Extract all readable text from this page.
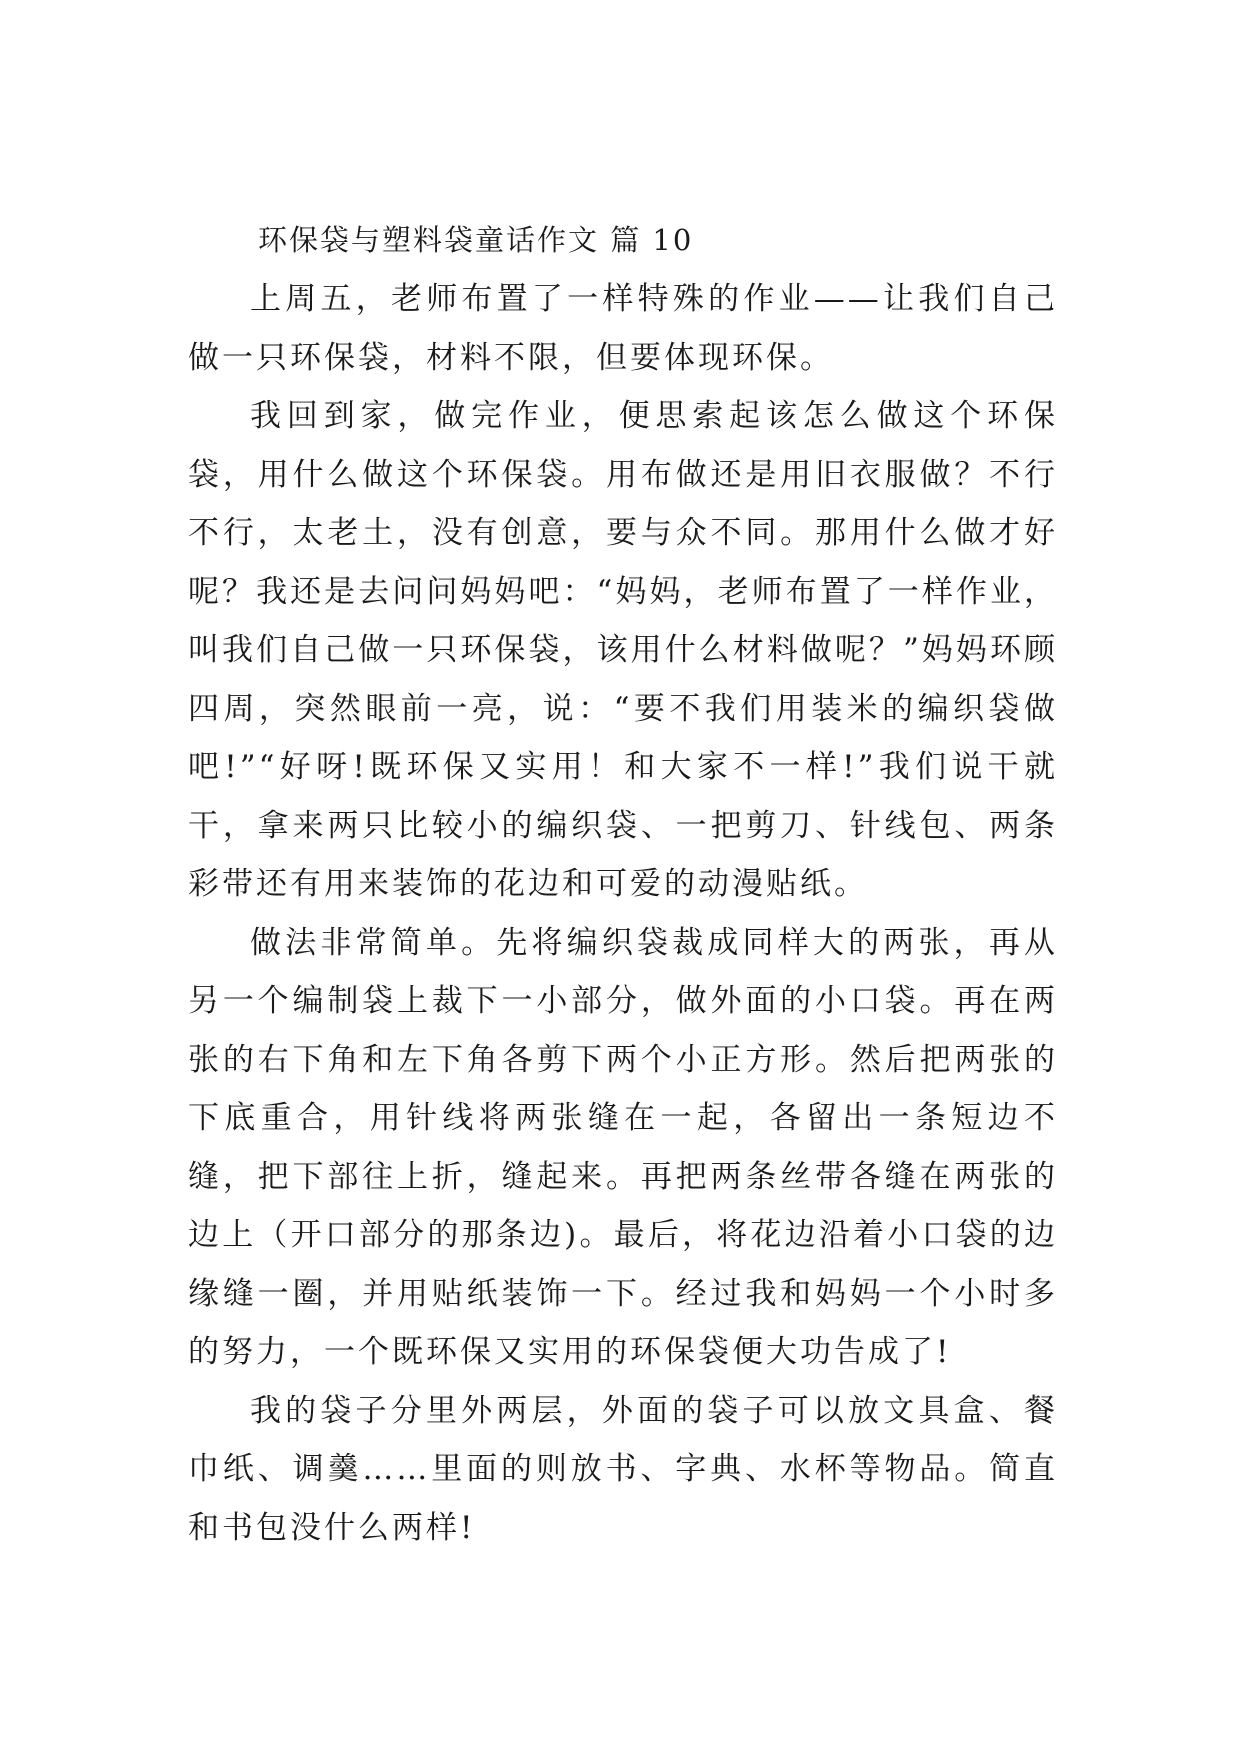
环保袋与塑料袋童话作文 篇 10

上周五，老师布置了一样特殊的作业——让我们自己做一只环保袋，材料不限，但要体现环保。

我回到家，做完作业，便思索起该怎么做这个环保袋，用什么做这个环保袋。用布做还是用旧衣服做？不行不行，太老土，没有创意，要与众不同。那用什么做才好呢？我还是去问问妈妈吧：“妈妈，老师布置了一样作业，叫我们自己做一只环保袋，该用什么材料做呢？”妈妈环顾四周，突然眼前一亮，说：“要不我们用装米的编织袋做吧!”“好呀!既环保又实用！和大家不一样!”我们说干就干，拿来两只比较小的编织袋、一把剪刀、针线包、两条彩带还有用来装饰的花边和可爱的动漫贴纸。

做法非常简单。先将编织袋裁成同样大的两张，再从另一个编制袋上裁下一小部分，做外面的小口袋。再在两张的右下角和左下角各剪下两个小正方形。然后把两张的下底重合，用针线将两张缝在一起，各留出一条短边不缝，把下部往上折，缝起来。再把两条丝带各缝在两张的边上（开口部分的那条边)。最后，将花边沿着小口袋的边缘缝一圈，并用贴纸装饰一下。经过我和妈妈一个小时多的努力，一个既环保又实用的环保袋便大功告成了!

我的袋子分里外两层，外面的袋子可以放文具盒、餐巾纸、调羹……里面的则放书、字典、水杯等物品。简直和书包没什么两样!
